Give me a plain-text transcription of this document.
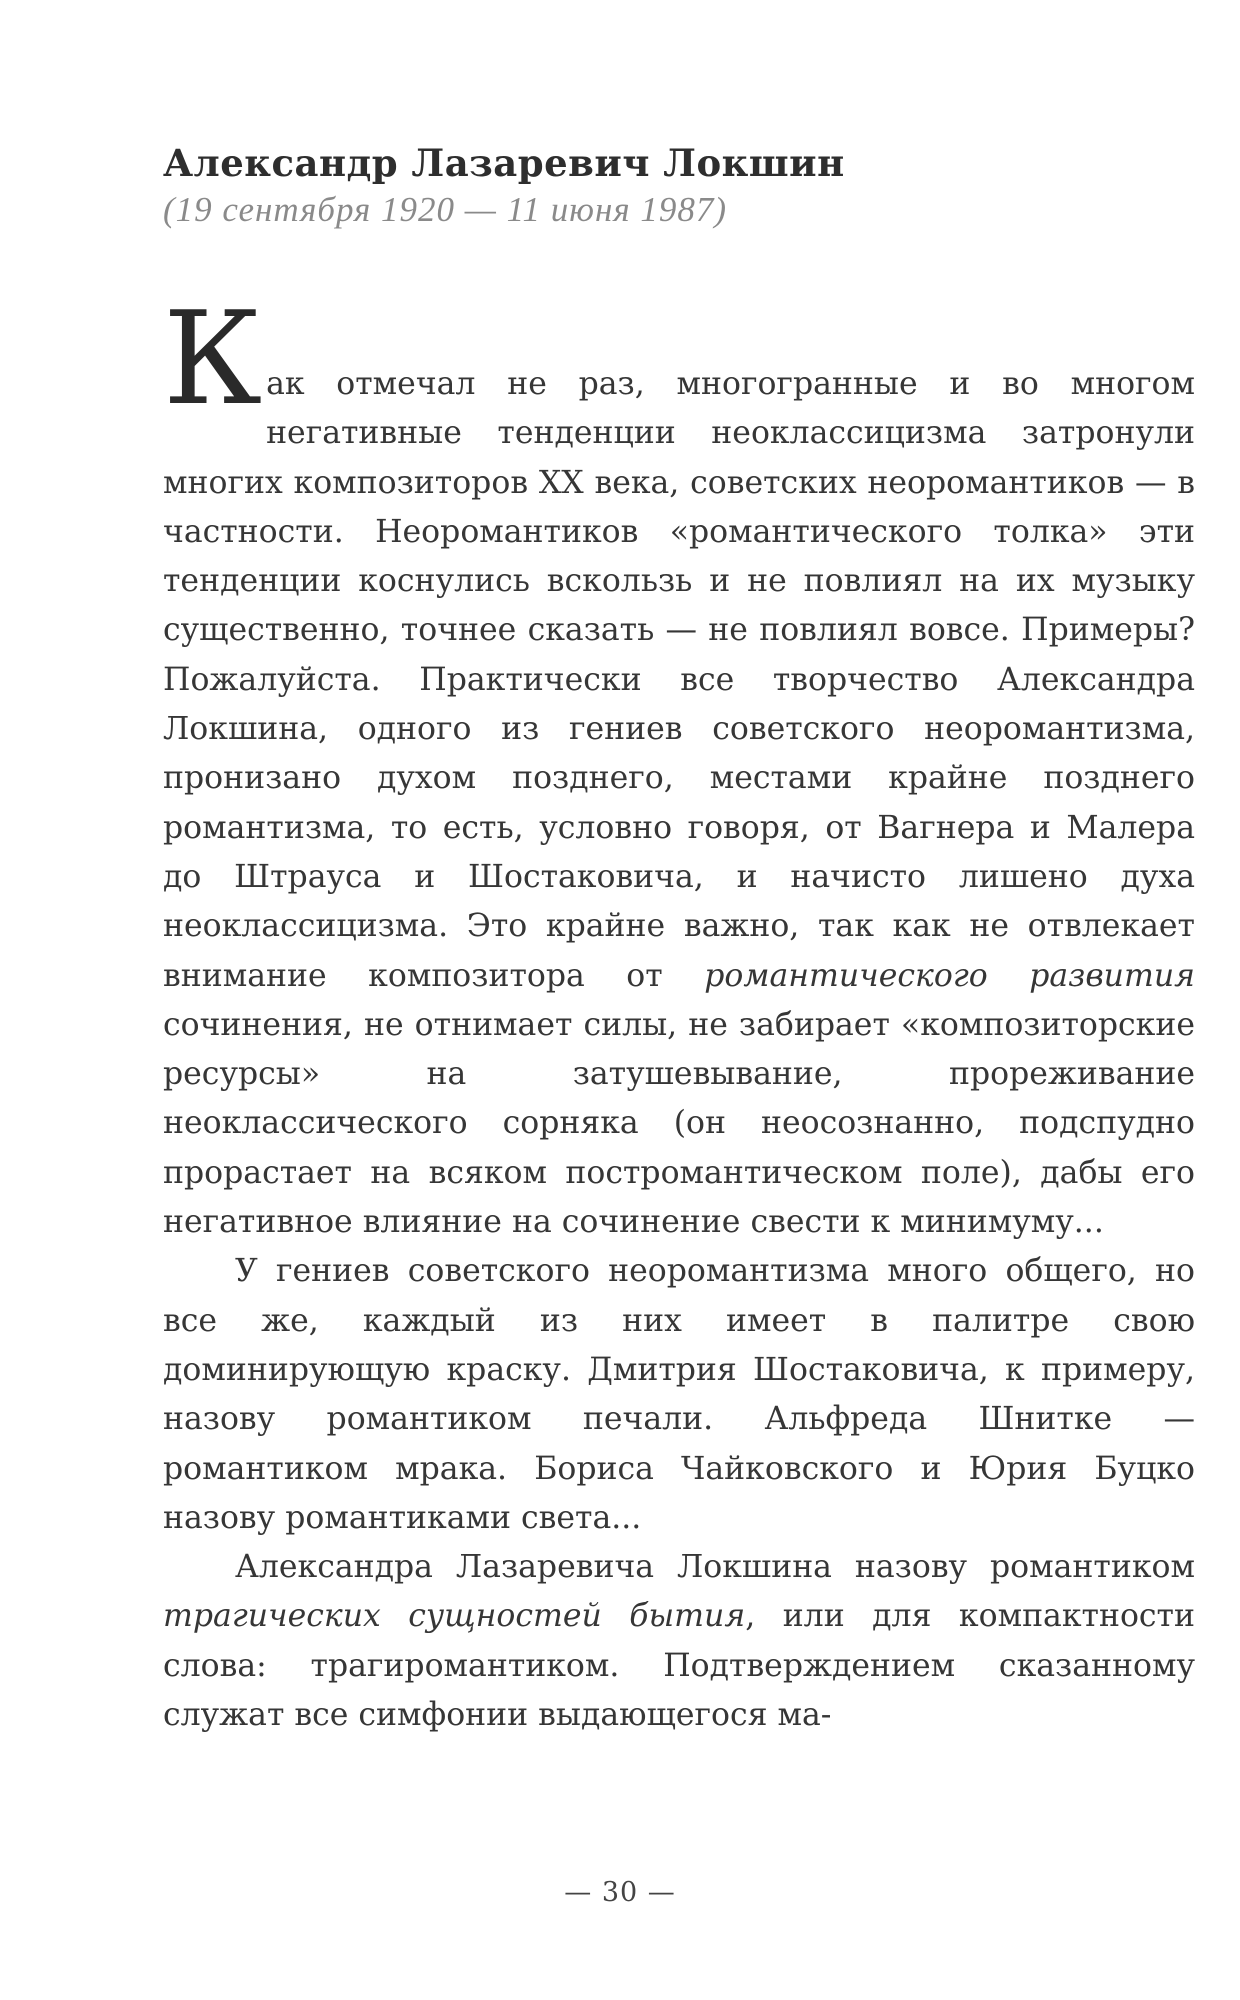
Александр Лазаревич Локшин

(19 сентября 1920 — 11 июня 1987)

Как отмечал не раз, многогранные и во многом негативные тенденции неоклассицизма затронули многих композиторов XX века, советских неоромантиков — в частности. Неоромантиков «романтического толка» эти тенденции коснулись вскользь и не повлиял на их музыку существенно, точнее сказать — не повлиял вовсе. Примеры? Пожалуйста. Практически все творчество Александра Локшина, одного из гениев советского неоромантизма, пронизано духом позднего, местами крайне позднего романтизма, то есть, условно говоря, от Вагнера и Малера до Штрауса и Шостаковича, и начисто лишено духа неоклассицизма. Это крайне важно, так как не отвлекает внимание композитора от романтического развития сочинения, не отнимает силы, не забирает «композиторские ресурсы» на затушевывание, прореживание неоклассического сорняка (он неосознанно, подспудно прорастает на всяком постромантическом поле), дабы его негативное влияние на сочинение свести к минимуму...

У гениев советского неоромантизма много общего, но все же, каждый из них имеет в палитре свою доминирующую краску. Дмитрия Шостаковича, к примеру, назову романтиком печали. Альфреда Шнитке — романтиком мрака. Бориса Чайковского и Юрия Буцко назову романтиками света...

Александра Лазаревича Локшина назову романтиком трагических сущностей бытия, или для компактности слова: трагиромантиком. Подтверждением сказанному служат все симфонии выдающегося ма-

— 30 —
